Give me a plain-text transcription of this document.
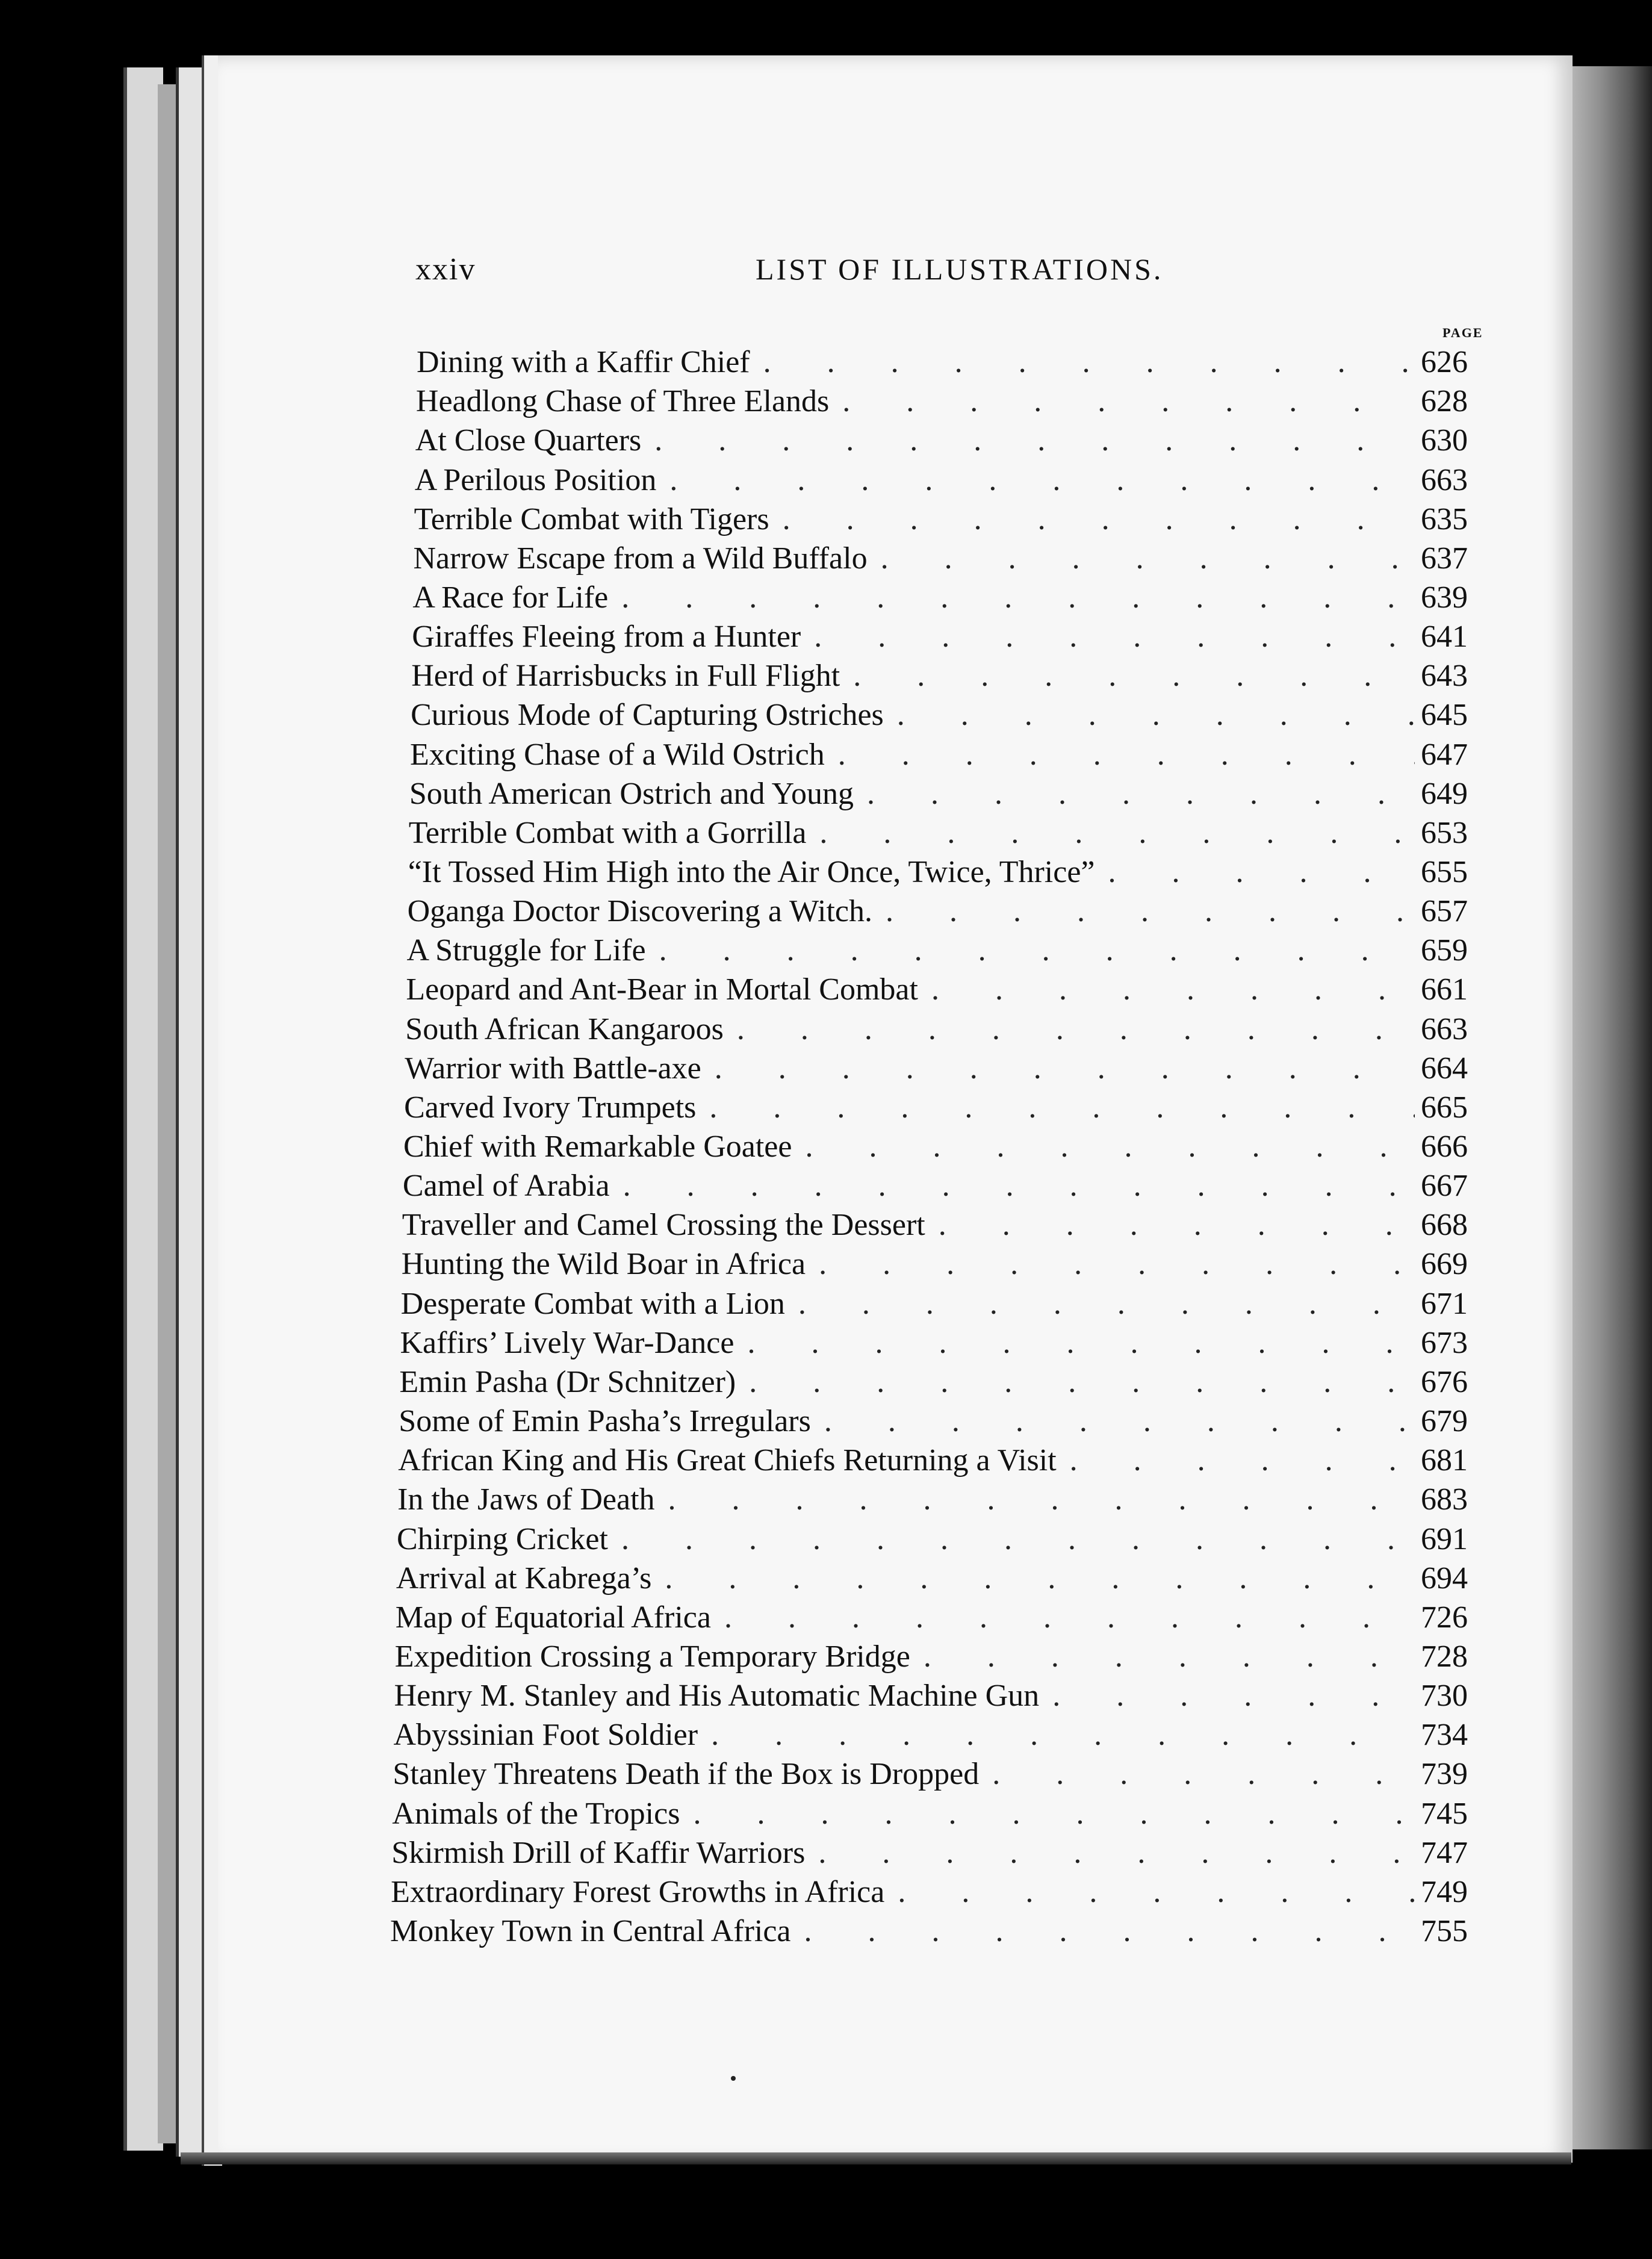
xxiv	LIST OF ILLUSTRATIONS.
PAGE
Dining with a Kaffir Chief . . .	626
Headlong Chase of Three Elands . . .	628
At Close Quarters . . .	630
A Perilous Position . . .	663
Terrible Combat with Tigers . . .	635
Narrow Escape from a Wild Buffalo . . .	637
A Race for Life . . .	639
Giraffes Fleeing from a Hunter . . .	641
Herd of Harrisbucks in Full Flight . . .	643
Curious Mode of Capturing Ostriches . . .	645
Exciting Chase of a Wild Ostrich . . .	647
South American Ostrich and Young . . .	649
Terrible Combat with a Gorrilla . . .	653
“It Tossed Him High into the Air Once, Twice, Thrice” . . .	655
Oganga Doctor Discovering a Witch. . . .	657
A Struggle for Life . . .	659
Leopard and Ant-Bear in Mortal Combat . . .	661
South African Kangaroos . . .	663
Warrior with Battle-axe . . .	664
Carved Ivory Trumpets . . .	665
Chief with Remarkable Goatee . . .	666
Camel of Arabia . . .	667
Traveller and Camel Crossing the Dessert . . .	668
Hunting the Wild Boar in Africa . . .	669
Desperate Combat with a Lion . . .	671
Kaffirs’ Lively War-Dance . . .	673
Emin Pasha (Dr Schnitzer) . . .	676
Some of Emin Pasha’s Irregulars . . .	679
African King and His Great Chiefs Returning a Visit . . .	681
In the Jaws of Death . . .	683
Chirping Cricket . . .	691
Arrival at Kabrega’s . . .	694
Map of Equatorial Africa . . .	726
Expedition Crossing a Temporary Bridge . . .	728
Henry M. Stanley and His Automatic Machine Gun . . .	730
Abyssinian Foot Soldier . . .	734
Stanley Threatens Death if the Box is Dropped . . .	739
Animals of the Tropics . . .	745
Skirmish Drill of Kaffir Warriors . . .	747
Extraordinary Forest Growths in Africa . . .	749
Monkey Town in Central Africa . . .	755
